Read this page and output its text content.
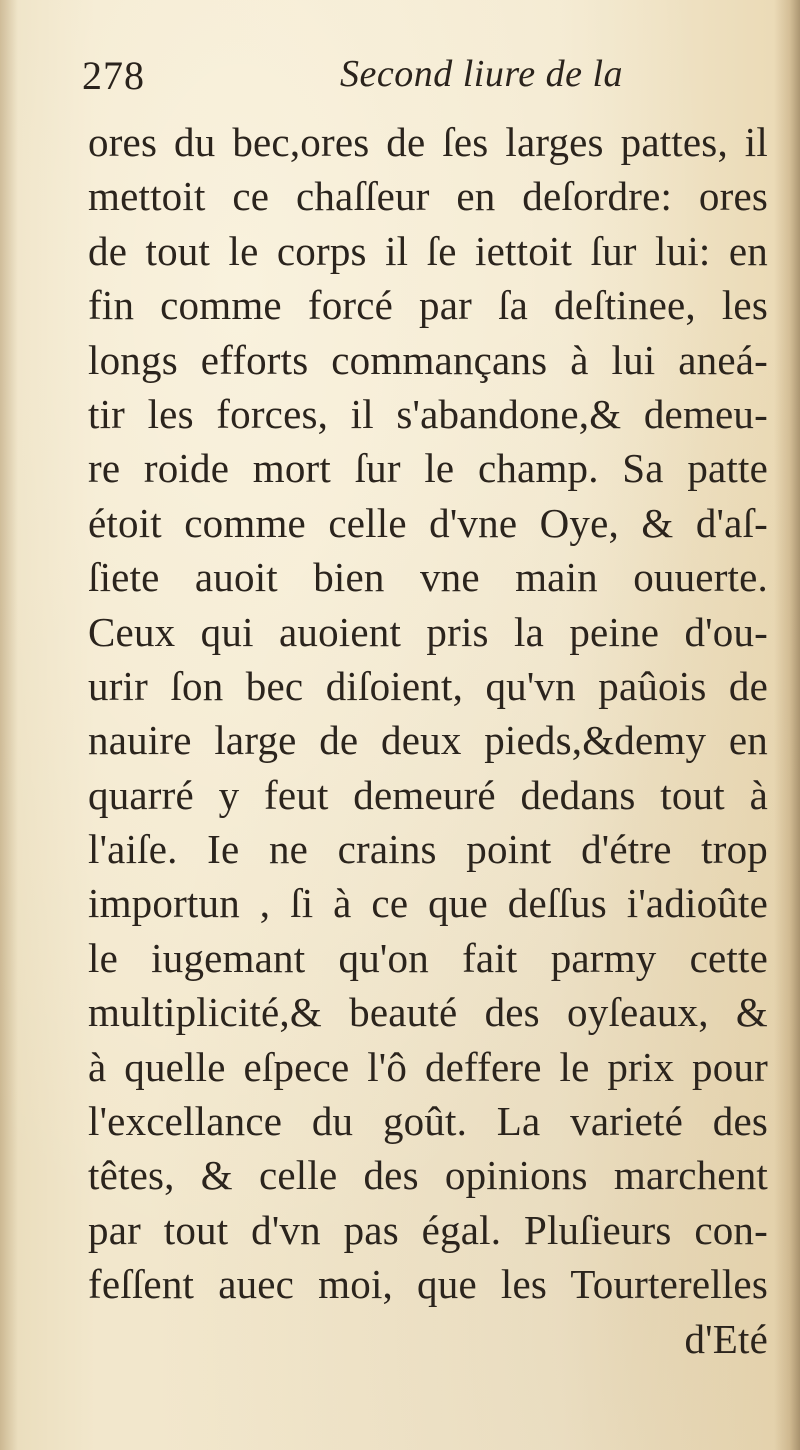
278	Second liure de la
ores du bec,ores de ſes larges pattes, il
mettoit ce chaſſeur en deſordre: ores
de tout le corps il ſe iettoit ſur lui: en
fin comme forcé par ſa deſtinee, les
longs efforts commançans à lui aneá-
tir les forces, il s'abandone,& demeu-
re roide mort ſur le champ. Sa patte
étoit comme celle d'vne Oye, & d'aſ-
ſiete auoit bien vne main ouuerte.
Ceux qui auoient pris la peine d'ou-
urir ſon bec diſoient, qu'vn paûois de
nauire large de deux pieds,&demy en
quarré y feut demeuré dedans tout à
l'aiſe. Ie ne crains point d'étre trop
importun , ſi à ce que deſſus i'adioûte
le iugemant qu'on fait parmy cette
multiplicité,& beauté des oyſeaux, &
à quelle eſpece l'ô deffere le prix pour
l'excellance du goût. La varieté des
têtes, & celle des opinions marchent
par tout d'vn pas égal. Pluſieurs con-
feſſent auec moi, que les Tourterelles
d'Eté
